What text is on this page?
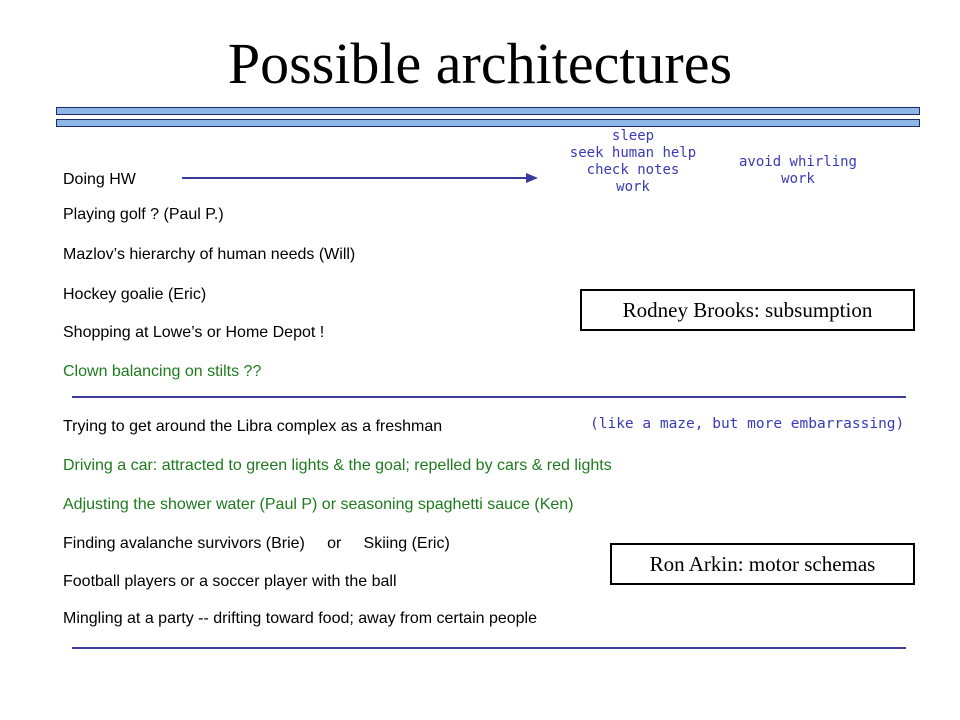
Possible architectures
sleep
seek human help
check notes
work
avoid whirling
work
Doing HW
Playing golf ? (Paul P.)
Mazlov’s hierarchy of human needs (Will)
Hockey goalie (Eric)
Shopping at Lowe’s or Home Depot !
Clown balancing on stilts ??
Rodney Brooks: subsumption
Trying to get around the Libra complex as a freshman	(like a maze, but more embarrassing)
Driving a car: attracted to green lights & the goal; repelled by cars & red lights
Adjusting the shower water (Paul P) or seasoning spaghetti sauce (Ken)
Finding avalanche survivors (Brie)     or     Skiing (Eric)
Football players or a soccer player with the ball
Mingling at a party -- drifting toward food; away from certain people
Ron Arkin: motor schemas
